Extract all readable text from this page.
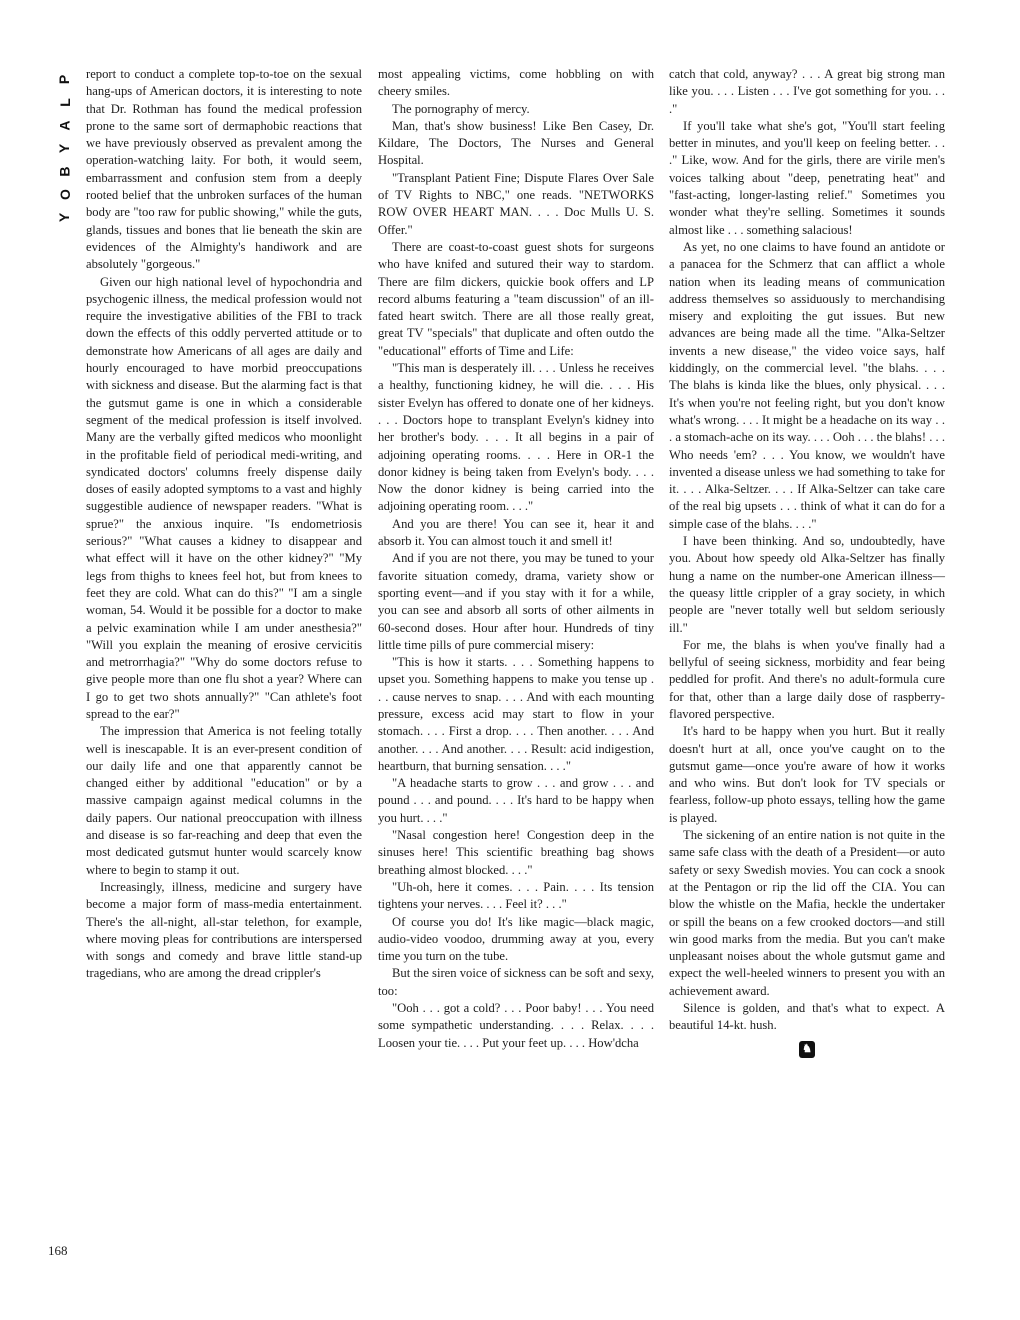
P
L
A
Y
B
O
Y
168

report to conduct a complete top-to-toe on the sexual hang-ups of American doctors, it is interesting to note that Dr. Rothman has found the medical profession prone to the same sort of dermaphobic reactions that we have previously observed as prevalent among the operation-watching laity. For both, it would seem, embarrassment and confusion stem from a deeply rooted belief that the unbroken surfaces of the human body are "too raw for public showing," while the guts, glands, tissues and bones that lie beneath the skin are evidences of the Almighty's handiwork and are absolutely "gorgeous."

Given our high national level of hypochondria and psychogenic illness, the medical profession would not require the investigative abilities of the FBI to track down the effects of this oddly perverted attitude or to demonstrate how Americans of all ages are daily and hourly encouraged to have morbid preoccupations with sickness and disease. But the alarming fact is that the gutsmut game is one in which a considerable segment of the medical profession is itself involved. Many are the verbally gifted medicos who moonlight in the profitable field of periodical medi-writing, and syndicated doctors' columns freely dispense daily doses of easily adopted symptoms to a vast and highly suggestible audience of newspaper readers. "What is sprue?" the anxious inquire. "Is endometriosis serious?" "What causes a kidney to disappear and what effect will it have on the other kidney?" "My legs from thighs to knees feel hot, but from knees to feet they are cold. What can do this?" "I am a single woman, 54. Would it be possible for a doctor to make a pelvic examination while I am under anesthesia?" "Will you explain the meaning of erosive cervicitis and metrorrhagia?" "Why do some doctors refuse to give people more than one flu shot a year? Where can I go to get two shots annually?" "Can athlete's foot spread to the ear?"

The impression that America is not feeling totally well is inescapable. It is an ever-present condition of our daily life and one that apparently cannot be changed either by additional "education" or by a massive campaign against medical columns in the daily papers. Our national preoccupation with illness and disease is so far-reaching and deep that even the most dedicated gutsmut hunter would scarcely know where to begin to stamp it out.

Increasingly, illness, medicine and surgery have become a major form of mass-media entertainment. There's the all-night, all-star telethon, for example, where moving pleas for contributions are interspersed with songs and comedy and brave little stand-up tragedians, who are among the dread crippler's

most appealing victims, come hobbling on with cheery smiles.

The pornography of mercy.

Man, that's show business! Like Ben Casey, Dr. Kildare, The Doctors, The Nurses and General Hospital.

"Transplant Patient Fine; Dispute Flares Over Sale of TV Rights to NBC," one reads. "NETWORKS ROW OVER HEART MAN. . . . Doc Mulls U. S. Offer."

There are coast-to-coast guest shots for surgeons who have knifed and sutured their way to stardom. There are film dickers, quickie book offers and LP record albums featuring a "team discussion" of an ill-fated heart switch. There are all those really great, great TV "specials" that duplicate and often outdo the "educational" efforts of Time and Life:

"This man is desperately ill. . . . Unless he receives a healthy, functioning kidney, he will die. . . . His sister Evelyn has offered to donate one of her kidneys. . . . Doctors hope to transplant Evelyn's kidney into her brother's body. . . . It all begins in a pair of adjoining operating rooms. . . . Here in OR-1 the donor kidney is being taken from Evelyn's body. . . . Now the donor kidney is being carried into the adjoining operating room. . . ."

And you are there! You can see it, hear it and absorb it. You can almost touch it and smell it!

And if you are not there, you may be tuned to your favorite situation comedy, drama, variety show or sporting event—and if you stay with it for a while, you can see and absorb all sorts of other ailments in 60-second doses. Hour after hour. Hundreds of tiny little time pills of pure commercial misery:

"This is how it starts. . . . Something happens to upset you. Something happens to make you tense up . . . cause nerves to snap. . . . And with each mounting pressure, excess acid may start to flow in your stomach. . . . First a drop. . . . Then another. . . . And another. . . . And another. . . . Result: acid indigestion, heartburn, that burning sensation. . . ."

"A headache starts to grow . . . and grow . . . and pound . . . and pound. . . . It's hard to be happy when you hurt. . . ."

"Nasal congestion here! Congestion deep in the sinuses here! This scientific breathing bag shows breathing almost blocked. . . ."

"Uh-oh, here it comes. . . . Pain. . . . Its tension tightens your nerves. . . . Feel it? . . ."

Of course you do! It's like magic—black magic, audio-video voodoo, drumming away at you, every time you turn on the tube.

But the siren voice of sickness can be soft and sexy, too:

"Ooh . . . got a cold? . . . Poor baby! . . . You need some sympathetic understanding. . . . Relax. . . . Loosen your tie. . . . Put your feet up. . . . How'dcha

catch that cold, anyway? . . . A great big strong man like you. . . . Listen . . . I've got something for you. . . ."

If you'll take what she's got, "You'll start feeling better in minutes, and you'll keep on feeling better. . . ." Like, wow. And for the girls, there are virile men's voices talking about "deep, penetrating heat" and "fast-acting, longer-lasting relief." Sometimes you wonder what they're selling. Sometimes it sounds almost like . . . something salacious!

As yet, no one claims to have found an antidote or a panacea for the Schmerz that can afflict a whole nation when its leading means of communication address themselves so assiduously to merchandising misery and exploiting the gut issues. But new advances are being made all the time. "Alka-Seltzer invents a new disease," the video voice says, half kiddingly, on the commercial level. "the blahs. . . . The blahs is kinda like the blues, only physical. . . . It's when you're not feeling right, but you don't know what's wrong. . . . It might be a headache on its way . . . a stomach-ache on its way. . . . Ooh . . . the blahs! . . . Who needs 'em? . . . You know, we wouldn't have invented a disease unless we had something to take for it. . . . Alka-Seltzer. . . . If Alka-Seltzer can take care of the real big upsets . . . think of what it can do for a simple case of the blahs. . . ."

I have been thinking. And so, undoubtedly, have you. About how speedy old Alka-Seltzer has finally hung a name on the number-one American illness—the queasy little crippler of a gray society, in which people are "never totally well but seldom seriously ill."

For me, the blahs is when you've finally had a bellyful of seeing sickness, morbidity and fear being peddled for profit. And there's no adult-formula cure for that, other than a large daily dose of raspberry-flavored perspective.

It's hard to be happy when you hurt. But it really doesn't hurt at all, once you've caught on to the gutsmut game—once you're aware of how it works and who wins. But don't look for TV specials or fearless, follow-up photo essays, telling how the game is played.

The sickening of an entire nation is not quite in the same safe class with the death of a President—or auto safety or sexy Swedish movies. You can cock a snook at the Pentagon or rip the lid off the CIA. You can blow the whistle on the Mafia, heckle the undertaker or spill the beans on a few crooked doctors—and still win good marks from the media. But you can't make unpleasant noises about the whole gutsmut game and expect the well-heeled winners to present you with an achievement award.

Silence is golden, and that's what to expect. A beautiful 14-kt. hush.

♞
